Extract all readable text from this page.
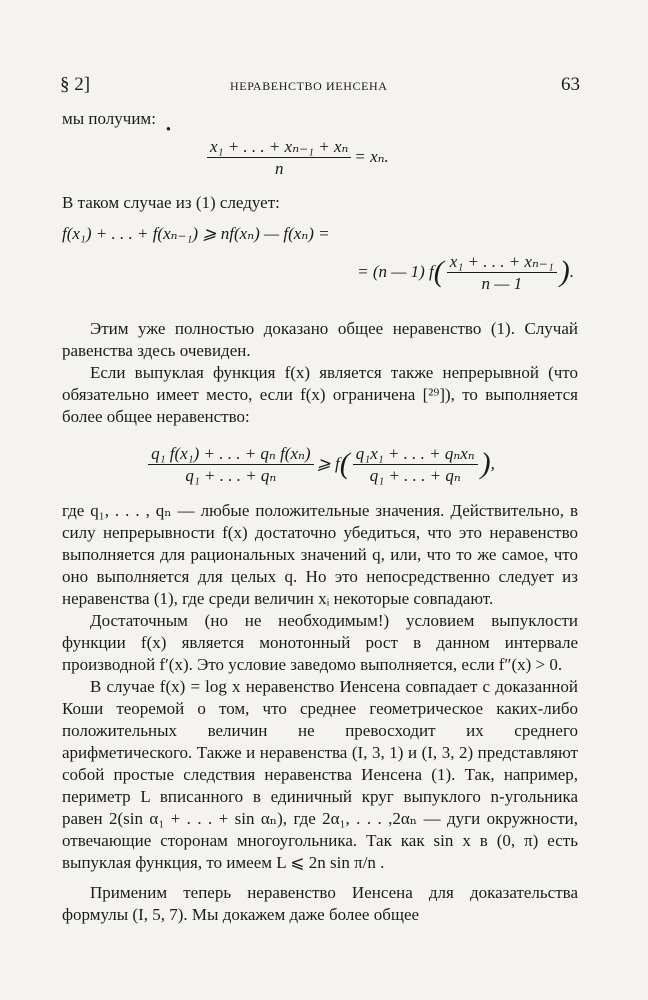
§ 2]	НЕРАВЕНСТВО ИЕНСЕНА	63
●

мы получим:

$\frac{\text{x₁ + . . . + xₙ₋₁ + xₙ}}{n} = x_n$.

В таком случае из (1) следует:

f(x₁) + . . . + f(xₙ₋₁) ⩾ nf(xₙ) — f(xₙ) =
= (n — 1) f ( $\frac{\text{x₁ + . . . + xₙ₋₁}}{n — 1}$ ) .

Этим уже полностью доказано общее неравенство (1). Случай равенства здесь очевиден.

Если выпуклая функция f(x) является также непрерывной (что обязательно имеет место, если f(x) ограничена [²⁹]), то выполняется более общее неравенство:

$\frac{\text{q₁ f(x₁) + . . . + qₙ f(xₙ)}}{\text{q₁ + . . . + qₙ}}$ ⩾ f ( $\frac{\text{q₁x₁ + . . . + qₙxₙ}}{\text{q₁ + . . . + qₙ}}$ ) ,

где q₁, . . . , qₙ — любые положительные значения. Действительно, в силу непрерывности f(x) достаточно убедиться, что это неравенство выполняется для рациональных значений q, или, что то же самое, что оно выполняется для целых q. Но это непосредственно следует из неравенства (1), где среди величин xᵢ некоторые совпадают.

Достаточным (но не необходимым!) условием выпуклости функции f(x) является монотонный рост в данном интервале производной f′(x). Это условие заведомо выполняется, если f″(x) > 0.

В случае f(x) = log x неравенство Иенсена совпадает с доказанной Коши теоремой о том, что среднее геометрическое каких-либо положительных величин не превосходит их среднего арифметического. Также и неравенства (I, 3, 1) и (I, 3, 2) представляют собой простые следствия неравенства Иенсена (1). Так, например, периметр L вписанного в единичный круг выпуклого n-угольника равен 2(sin α₁ + . . . + sin αₙ), где 2α₁, . . . ,2αₙ — дуги окружности, отвечающие сторонам многоугольника. Так как sin x в (0, π) есть выпуклая функция, то имеем L ⩽ 2n sin π/n .

Применим теперь неравенство Иенсена для доказательства формулы (I, 5, 7). Мы докажем даже более общее
